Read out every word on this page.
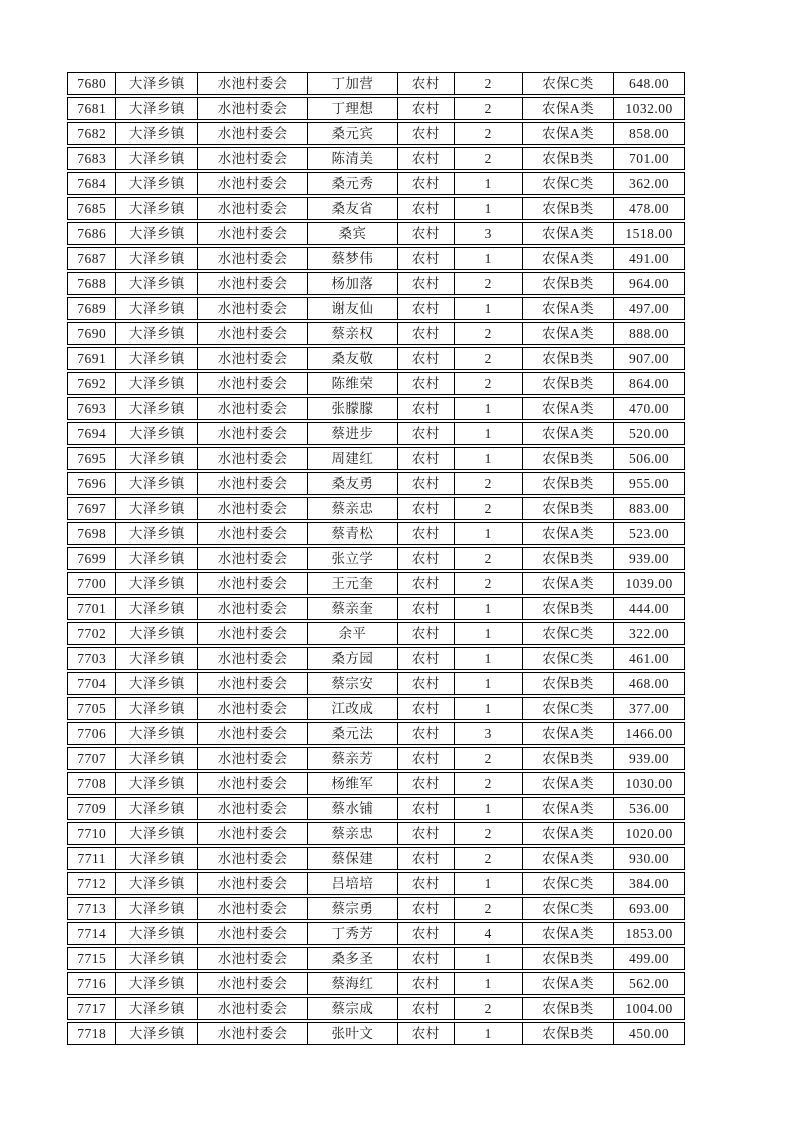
7680	大泽乡镇	水池村委会	丁加营	农村	2	农保C类	648.00
7681	大泽乡镇	水池村委会	丁理想	农村	2	农保A类	1032.00
7682	大泽乡镇	水池村委会	桑元宾	农村	2	农保A类	858.00
7683	大泽乡镇	水池村委会	陈清美	农村	2	农保B类	701.00
7684	大泽乡镇	水池村委会	桑元秀	农村	1	农保C类	362.00
7685	大泽乡镇	水池村委会	桑友省	农村	1	农保B类	478.00
7686	大泽乡镇	水池村委会	桑宾	农村	3	农保A类	1518.00
7687	大泽乡镇	水池村委会	蔡梦伟	农村	1	农保A类	491.00
7688	大泽乡镇	水池村委会	杨加落	农村	2	农保B类	964.00
7689	大泽乡镇	水池村委会	谢友仙	农村	1	农保A类	497.00
7690	大泽乡镇	水池村委会	蔡亲权	农村	2	农保A类	888.00
7691	大泽乡镇	水池村委会	桑友敬	农村	2	农保B类	907.00
7692	大泽乡镇	水池村委会	陈维荣	农村	2	农保B类	864.00
7693	大泽乡镇	水池村委会	张朦朦	农村	1	农保A类	470.00
7694	大泽乡镇	水池村委会	蔡进步	农村	1	农保A类	520.00
7695	大泽乡镇	水池村委会	周建红	农村	1	农保B类	506.00
7696	大泽乡镇	水池村委会	桑友勇	农村	2	农保B类	955.00
7697	大泽乡镇	水池村委会	蔡亲忠	农村	2	农保B类	883.00
7698	大泽乡镇	水池村委会	蔡青松	农村	1	农保A类	523.00
7699	大泽乡镇	水池村委会	张立学	农村	2	农保B类	939.00
7700	大泽乡镇	水池村委会	王元奎	农村	2	农保A类	1039.00
7701	大泽乡镇	水池村委会	蔡亲奎	农村	1	农保B类	444.00
7702	大泽乡镇	水池村委会	余平	农村	1	农保C类	322.00
7703	大泽乡镇	水池村委会	桑方园	农村	1	农保C类	461.00
7704	大泽乡镇	水池村委会	蔡宗安	农村	1	农保B类	468.00
7705	大泽乡镇	水池村委会	江改成	农村	1	农保C类	377.00
7706	大泽乡镇	水池村委会	桑元法	农村	3	农保A类	1466.00
7707	大泽乡镇	水池村委会	蔡亲芳	农村	2	农保B类	939.00
7708	大泽乡镇	水池村委会	杨维军	农村	2	农保A类	1030.00
7709	大泽乡镇	水池村委会	蔡水铺	农村	1	农保A类	536.00
7710	大泽乡镇	水池村委会	蔡亲忠	农村	2	农保A类	1020.00
7711	大泽乡镇	水池村委会	蔡保建	农村	2	农保A类	930.00
7712	大泽乡镇	水池村委会	吕培培	农村	1	农保C类	384.00
7713	大泽乡镇	水池村委会	蔡宗勇	农村	2	农保C类	693.00
7714	大泽乡镇	水池村委会	丁秀芳	农村	4	农保A类	1853.00
7715	大泽乡镇	水池村委会	桑多圣	农村	1	农保B类	499.00
7716	大泽乡镇	水池村委会	蔡海红	农村	1	农保A类	562.00
7717	大泽乡镇	水池村委会	蔡宗成	农村	2	农保B类	1004.00
7718	大泽乡镇	水池村委会	张叶文	农村	1	农保B类	450.00
